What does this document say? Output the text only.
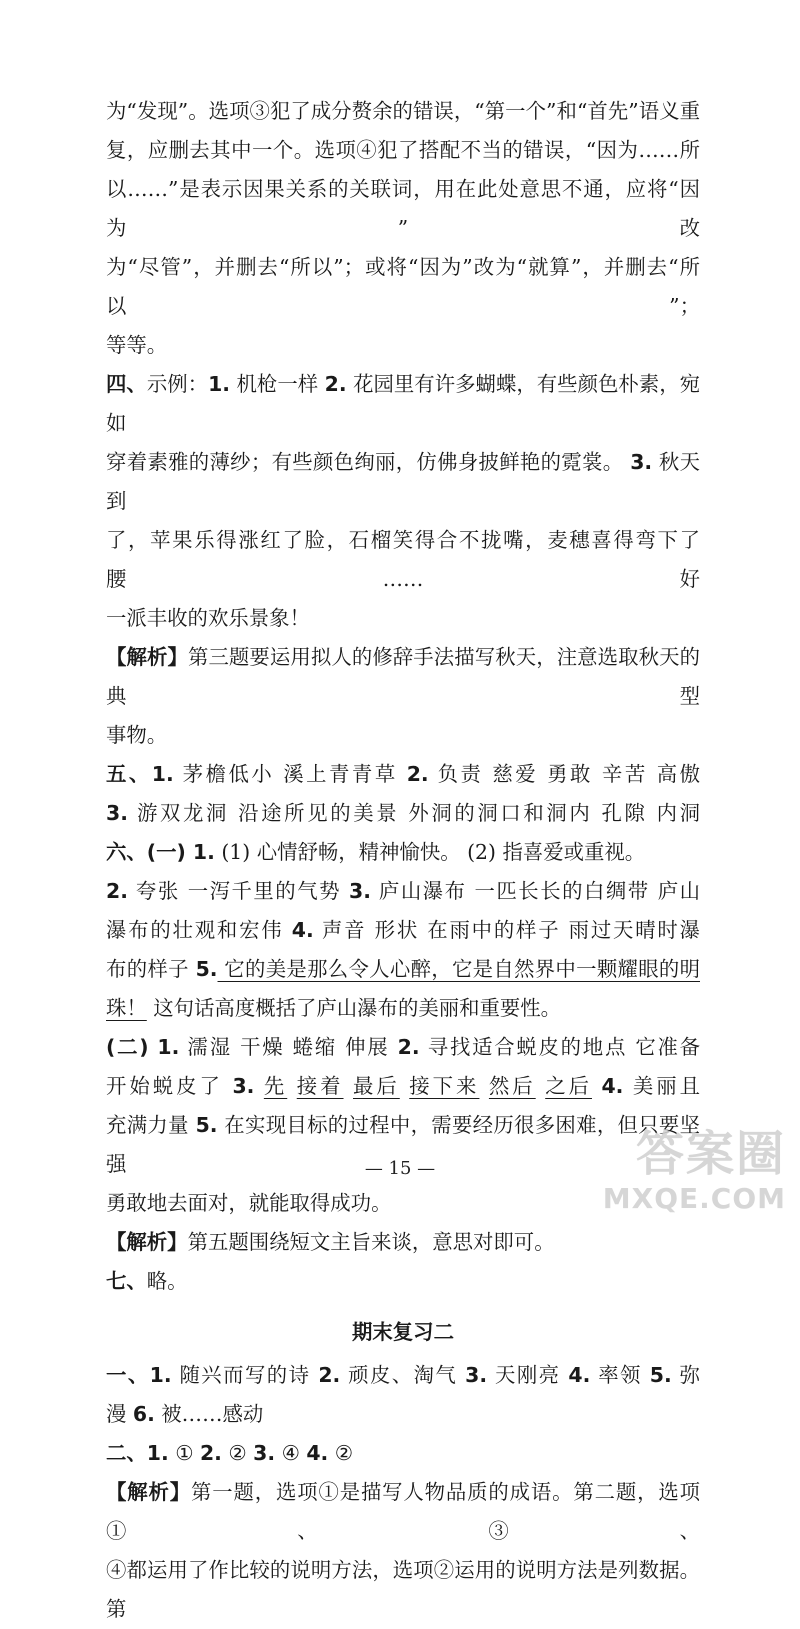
为“发现”。选项③犯了成分赘余的错误，“第一个”和“首先”语义重

复，应删去其中一个。选项④犯了搭配不当的错误，“因为……所

以……”是表示因果关系的关联词，用在此处意思不通，应将“因为”改

为“尽管”，并删去“所以”；或将“因为”改为“就算”，并删去“所以”；

等等。

四、示例：1. 机枪一样 2. 花园里有许多蝴蝶，有些颜色朴素，宛如

穿着素雅的薄纱；有些颜色绚丽，仿佛身披鲜艳的霓裳。 3. 秋天到

了，苹果乐得涨红了脸，石榴笑得合不拢嘴，麦穗喜得弯下了腰……好

一派丰收的欢乐景象！

【解析】第三题要运用拟人的修辞手法描写秋天，注意选取秋天的典型

事物。

五、1. 茅檐低小 溪上青青草 2. 负责 慈爱 勇敢 辛苦 高傲

3. 游双龙洞 沿途所见的美景 外洞的洞口和洞内 孔隙 内洞

六、(一) 1. (1) 心情舒畅，精神愉快。 (2) 指喜爱或重视。

2. 夸张 一泻千里的气势 3. 庐山瀑布 一匹长长的白绸带 庐山

瀑布的壮观和宏伟 4. 声音 形状 在雨中的样子 雨过天晴时瀑

布的样子 5. 它的美是那么令人心醉，它是自然界中一颗耀眼的明

珠！ 这句话高度概括了庐山瀑布的美丽和重要性。

(二) 1. 濡湿 干燥 蜷缩 伸展 2. 寻找适合蜕皮的地点 它准备

开始蜕皮了 3. 先 接着 最后 接下来 然后 之后 4. 美丽且

充满力量 5. 在实现目标的过程中，需要经历很多困难，但只要坚强

勇敢地去面对，就能取得成功。

【解析】第五题围绕短文主旨来谈，意思对即可。

七、略。

期末复习二

一、1. 随兴而写的诗 2. 顽皮、淘气 3. 天刚亮 4. 率领 5. 弥

漫 6. 被……感动

二、1. ① 2. ② 3. ④ 4. ②

【解析】第一题，选项①是描写人物品质的成语。第二题，选项①、③、

④都运用了作比较的说明方法，选项②运用的说明方法是列数据。第

— 15 —	答案圈
MXQE.COM
